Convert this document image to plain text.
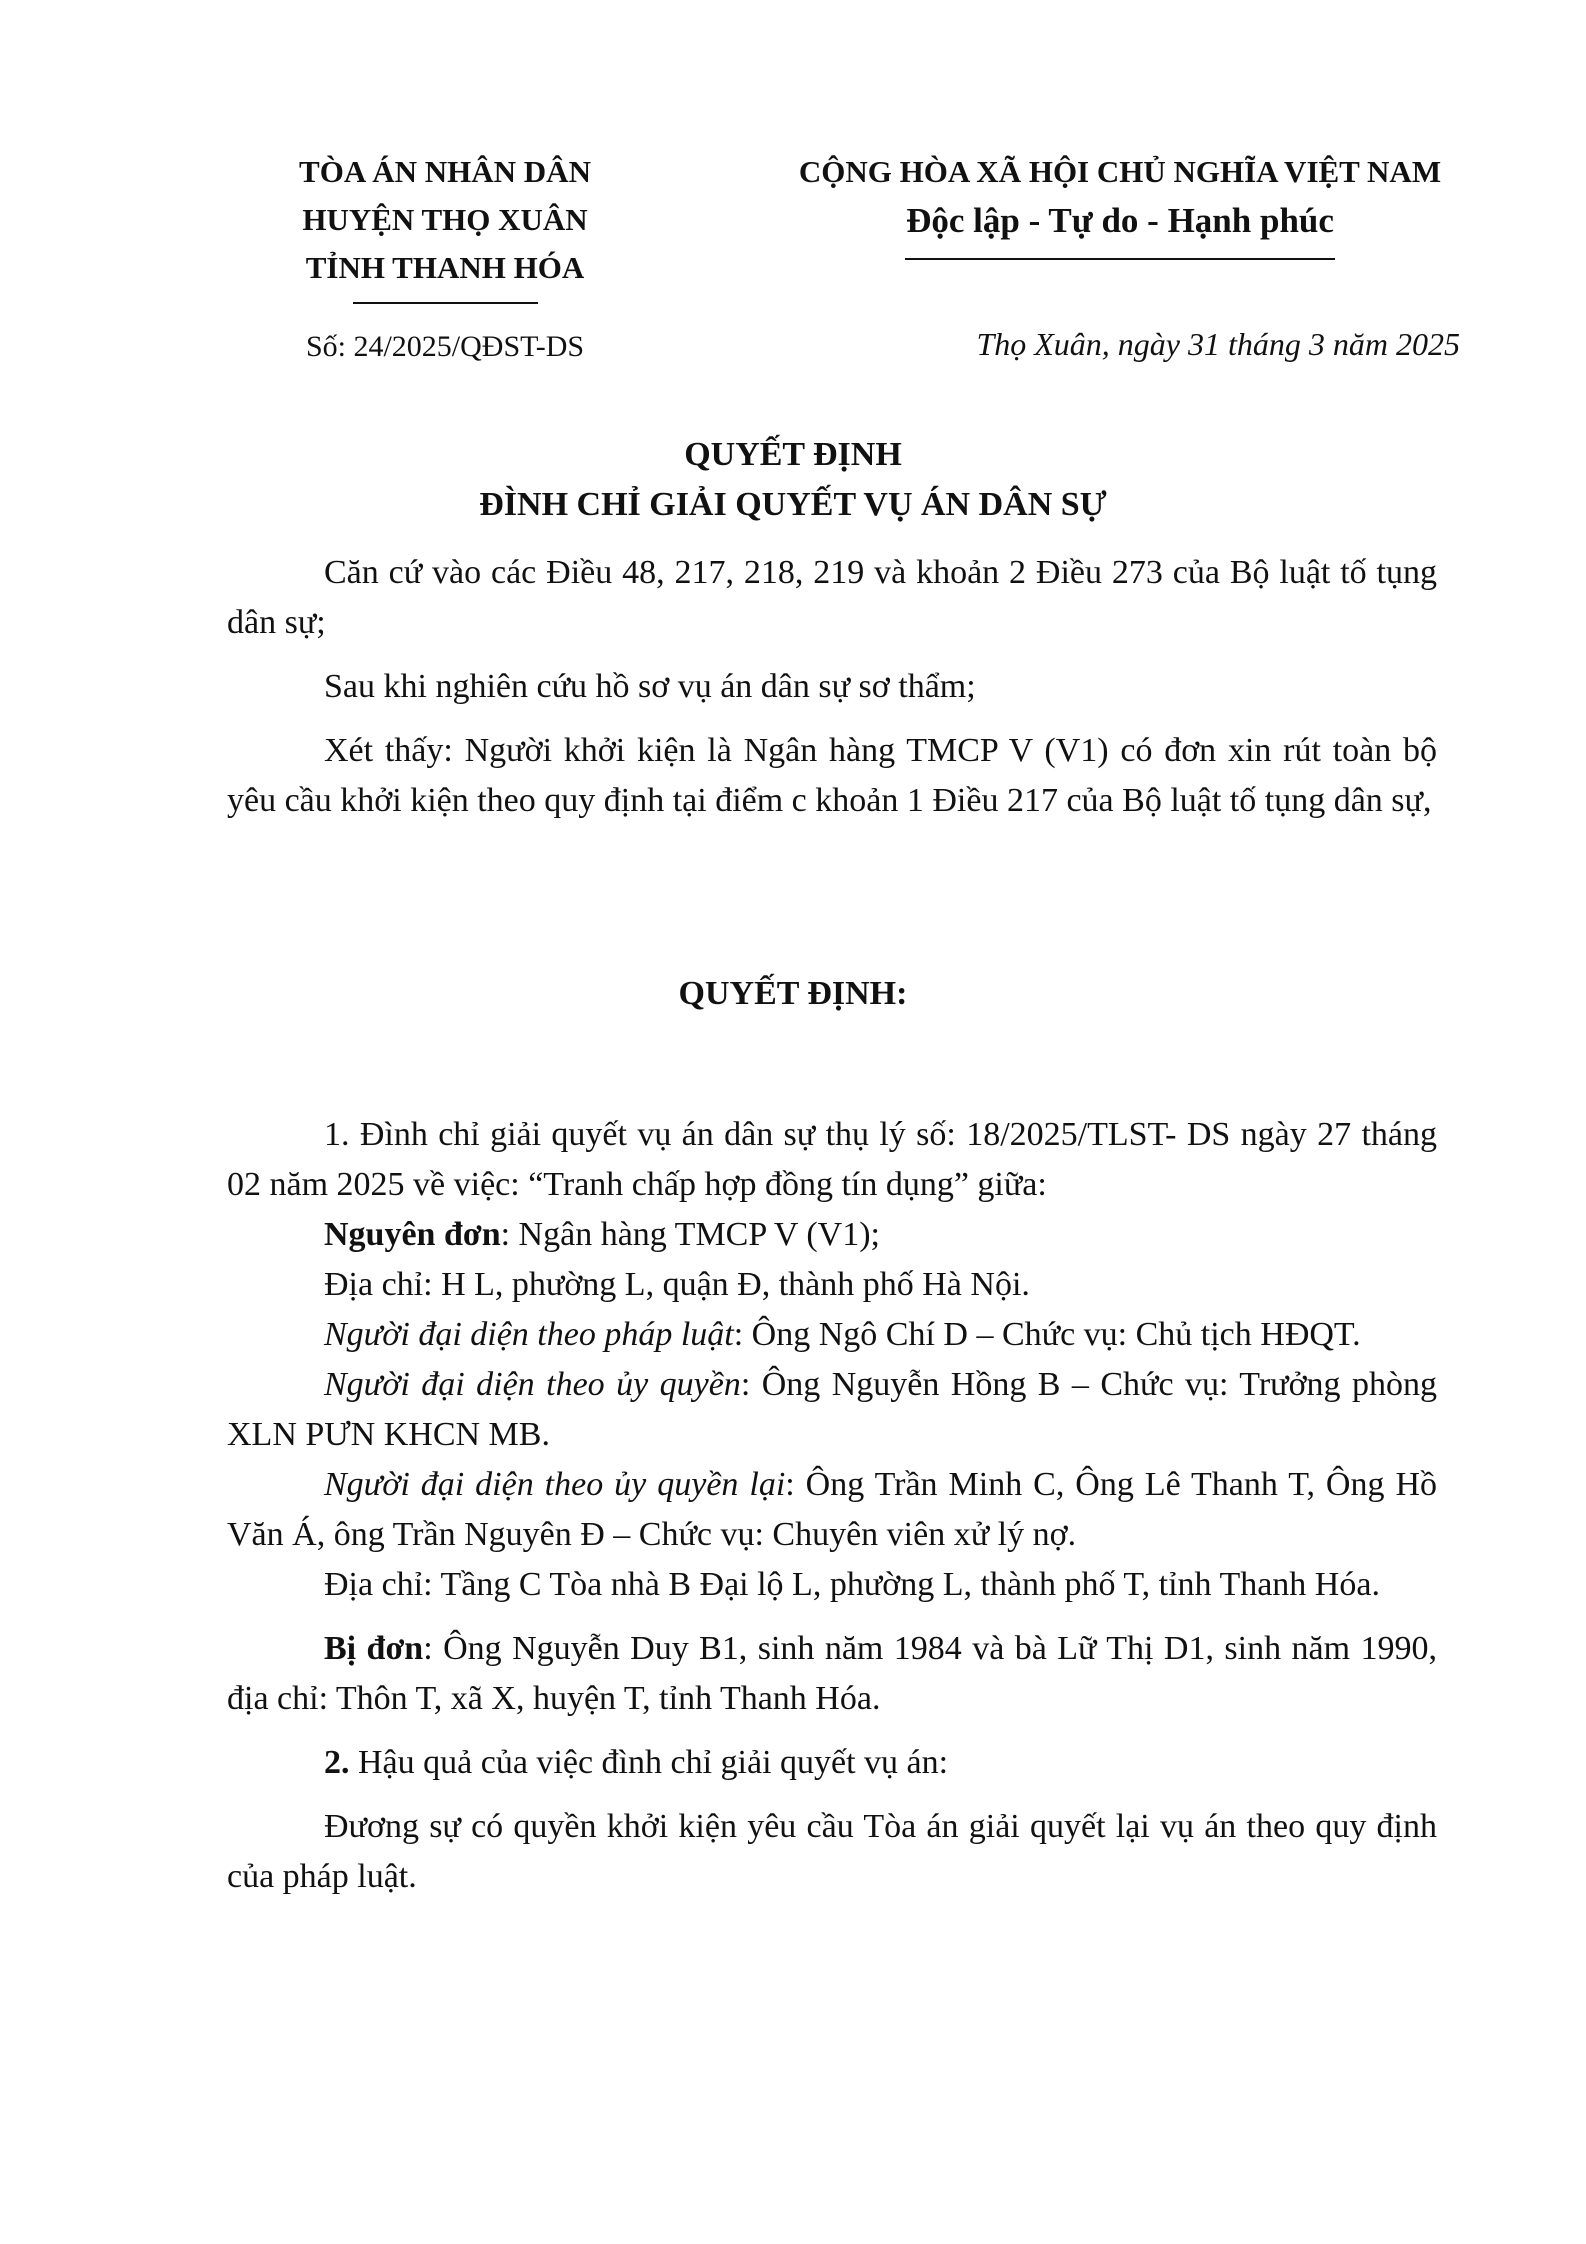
TÒA ÁN NHÂN DÂN
HUYỆN THỌ XUÂN
TỈNH THANH HÓA
CỘNG HÒA XÃ HỘI CHỦ NGHĨA VIỆT NAM
Độc lập - Tự do - Hạnh phúc
Số: 24/2025/QĐST-DS	Thọ Xuân, ngày 31 tháng 3 năm 2025
QUYẾT ĐỊNH
ĐÌNH CHỈ GIẢI QUYẾT VỤ ÁN DÂN SỰ

Căn cứ vào các Điều 48, 217, 218, 219 và khoản 2 Điều 273 của Bộ luật tố tụng dân sự;

Sau khi nghiên cứu hồ sơ vụ án dân sự sơ thẩm;

Xét thấy: Người khởi kiện là Ngân hàng TMCP V (V1) có đơn xin rút toàn bộ yêu cầu khởi kiện theo quy định tại điểm c khoản 1 Điều 217 của Bộ luật tố tụng dân sự,

QUYẾT ĐỊNH:

1. Đình chỉ giải quyết vụ án dân sự thụ lý số: 18/2025/TLST- DS ngày 27 tháng 02 năm 2025 về việc: “Tranh chấp hợp đồng tín dụng” giữa:

Nguyên đơn: Ngân hàng TMCP V (V1);

Địa chỉ: H L, phường L, quận Đ, thành phố Hà Nội.

Người đại diện theo pháp luật: Ông Ngô Chí D – Chức vụ: Chủ tịch HĐQT.

Người đại diện theo ủy quyền: Ông Nguyễn Hồng B – Chức vụ: Trưởng phòng XLN PƯN KHCN MB.

Người đại diện theo ủy quyền lại: Ông Trần Minh C, Ông Lê Thanh T, Ông Hồ Văn Á, ông Trần Nguyên Đ – Chức vụ: Chuyên viên xử lý nợ.

Địa chỉ: Tầng C Tòa nhà B Đại lộ L, phường L, thành phố T, tỉnh Thanh Hóa.

Bị đơn: Ông Nguyễn Duy B1, sinh năm 1984 và bà Lữ Thị D1, sinh năm 1990, địa chỉ: Thôn T, xã X, huyện T, tỉnh Thanh Hóa.

2. Hậu quả của việc đình chỉ giải quyết vụ án:

Đương sự có quyền khởi kiện yêu cầu Tòa án giải quyết lại vụ án theo quy định của pháp luật.
